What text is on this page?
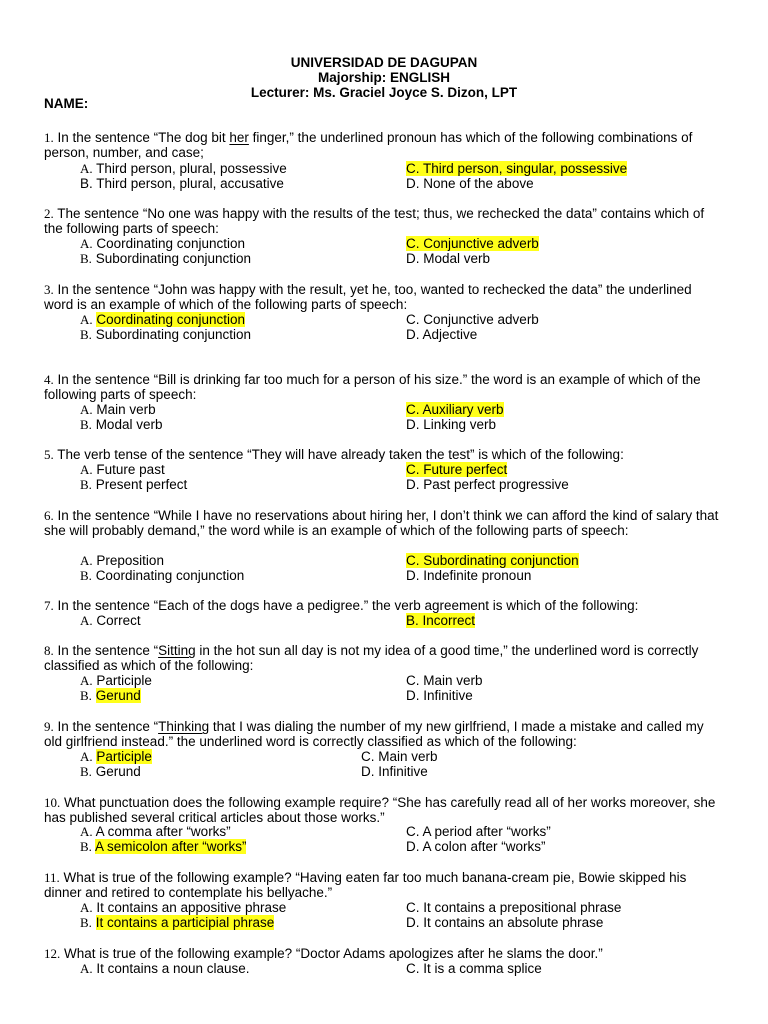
UNIVERSIDAD DE DAGUPAN
Majorship: ENGLISH
Lecturer: Ms. Graciel Joyce S. Dizon, LPT
NAME:
1. In the sentence “The dog bit her finger,” the underlined pronoun has which of the following combinations of person, number, and case;
A. Third person, plural, possessive	C. Third person, singular, possessive
B. Third person, plural, accusative	D. None of the above
2. The sentence “No one was happy with the results of the test; thus, we rechecked the data” contains which of the following parts of speech:
A. Coordinating conjunction	C. Conjunctive adverb
B. Subordinating conjunction	D. Modal verb
3. In the sentence “John was happy with the result, yet he, too, wanted to rechecked the data” the underlined word is an example of which of the following parts of speech:
A. Coordinating conjunction	C. Conjunctive adverb
B. Subordinating conjunction	D. Adjective
4. In the sentence “Bill is drinking far too much for a person of his size.” the word is an example of which of the following parts of speech:
A. Main verb	C. Auxiliary verb
B. Modal verb	D. Linking verb
5. The verb tense of the sentence “They will have already taken the test” is which of the following:
A. Future past	C. Future perfect
B. Present perfect	D. Past perfect progressive
6. In the sentence “While I have no reservations about hiring her, I don’t think we can afford the kind of salary that she will probably demand,” the word while is an example of which of the following parts of speech:
A. Preposition	C. Subordinating conjunction
B. Coordinating conjunction	D. Indefinite pronoun
7. In the sentence “Each of the dogs have a pedigree.” the verb agreement is which of the following:
A. Correct	B. Incorrect
8. In the sentence “Sitting in the hot sun all day is not my idea of a good time,” the underlined word is correctly classified as which of the following:
A. Participle	C. Main verb
B. Gerund	D. Infinitive
9. In the sentence “Thinking that I was dialing the number of my new girlfriend, I made a mistake and called my old girlfriend instead.” the underlined word is correctly classified as which of the following:
A. Participle	C. Main verb
B. Gerund	D. Infinitive
10. What punctuation does the following example require? “She has carefully read all of her works moreover, she has published several critical articles about those works.”
A. A comma after “works”	C. A period after “works”
B. A semicolon after “works”	D. A colon after “works”
11. What is true of the following example? “Having eaten far too much banana-cream pie, Bowie skipped his dinner and retired to contemplate his bellyache.”
A. It contains an appositive phrase	C. It contains a prepositional phrase
B. It contains a participial phrase	D. It contains an absolute phrase
12. What is true of the following example? “Doctor Adams apologizes after he slams the door.”
A. It contains a noun clause.	C. It is a comma splice
